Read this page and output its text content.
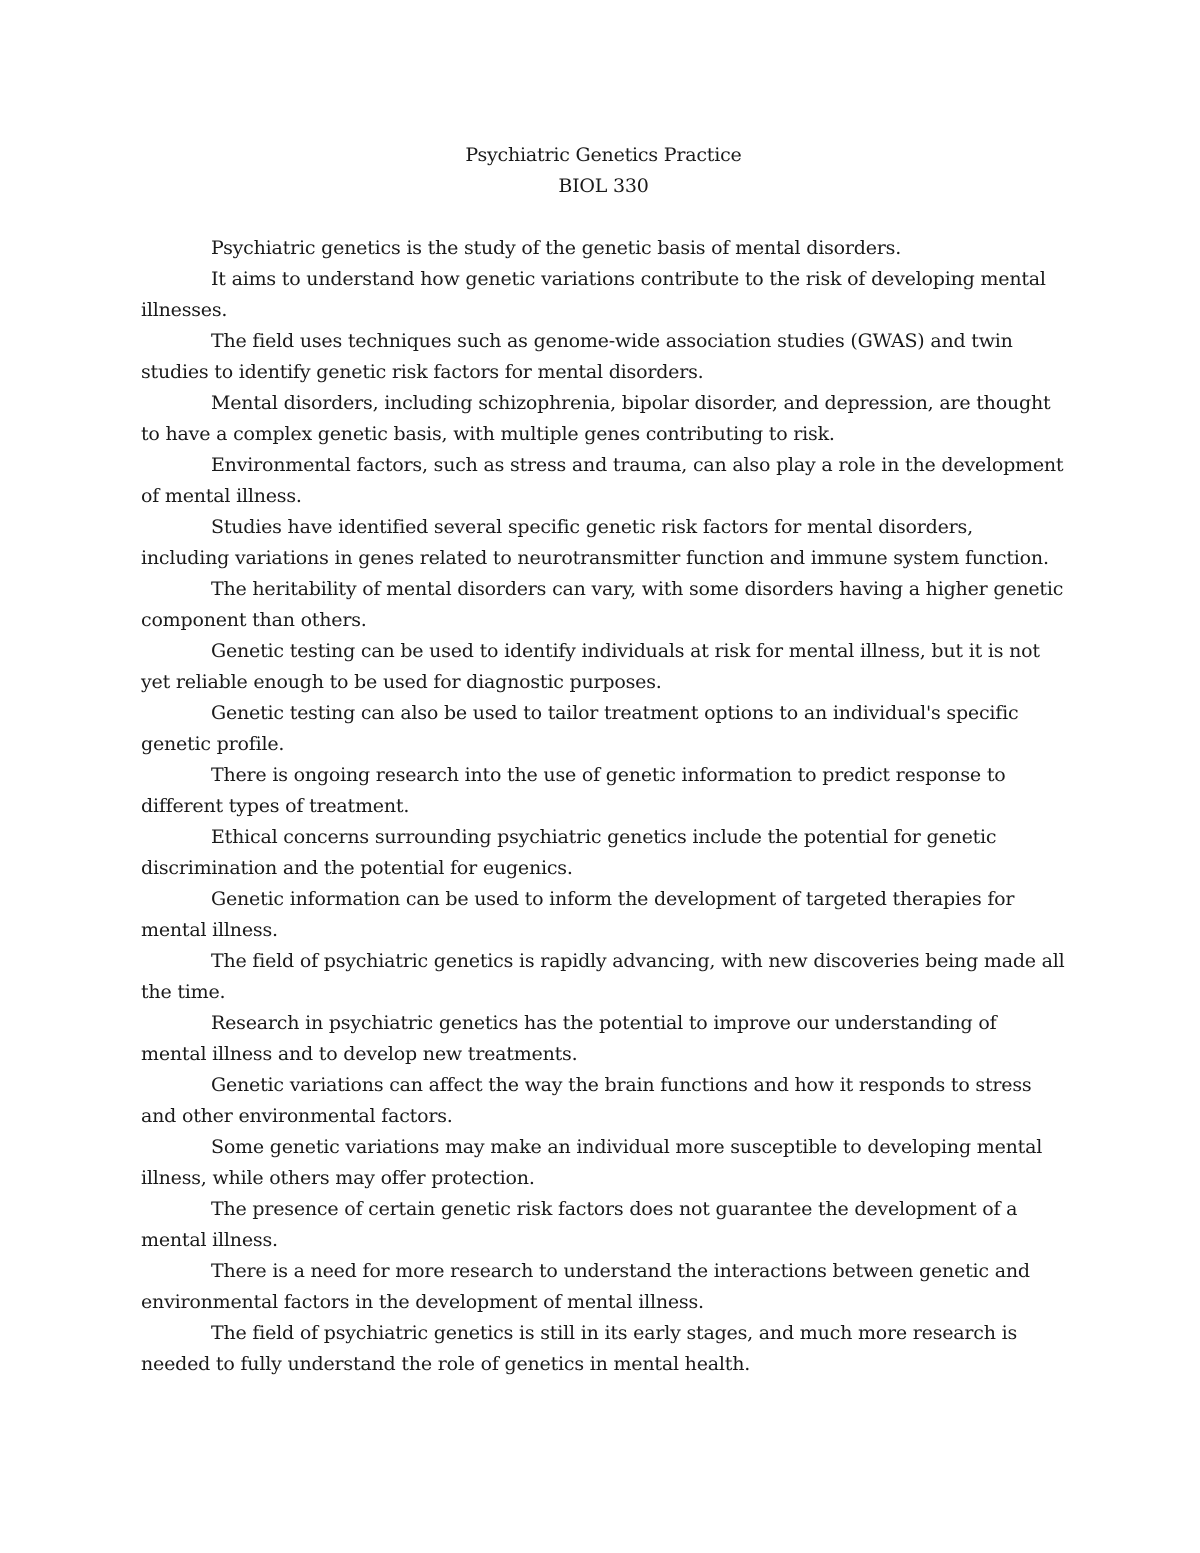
Psychiatric Genetics Practice
BIOL 330

Psychiatric genetics is the study of the genetic basis of mental disorders.

It aims to understand how genetic variations contribute to the risk of developing mental illnesses.

The field uses techniques such as genome-wide association studies (GWAS) and twin studies to identify genetic risk factors for mental disorders.

Mental disorders, including schizophrenia, bipolar disorder, and depression, are thought to have a complex genetic basis, with multiple genes contributing to risk.

Environmental factors, such as stress and trauma, can also play a role in the development of mental illness.

Studies have identified several specific genetic risk factors for mental disorders, including variations in genes related to neurotransmitter function and immune system function.

The heritability of mental disorders can vary, with some disorders having a higher genetic component than others.

Genetic testing can be used to identify individuals at risk for mental illness, but it is not yet reliable enough to be used for diagnostic purposes.

Genetic testing can also be used to tailor treatment options to an individual's specific genetic profile.

There is ongoing research into the use of genetic information to predict response to different types of treatment.

Ethical concerns surrounding psychiatric genetics include the potential for genetic discrimination and the potential for eugenics.

Genetic information can be used to inform the development of targeted therapies for mental illness.

The field of psychiatric genetics is rapidly advancing, with new discoveries being made all the time.

Research in psychiatric genetics has the potential to improve our understanding of mental illness and to develop new treatments.

Genetic variations can affect the way the brain functions and how it responds to stress and other environmental factors.

Some genetic variations may make an individual more susceptible to developing mental illness, while others may offer protection.

The presence of certain genetic risk factors does not guarantee the development of a mental illness.

There is a need for more research to understand the interactions between genetic and environmental factors in the development of mental illness.

The field of psychiatric genetics is still in its early stages, and much more research is needed to fully understand the role of genetics in mental health.
